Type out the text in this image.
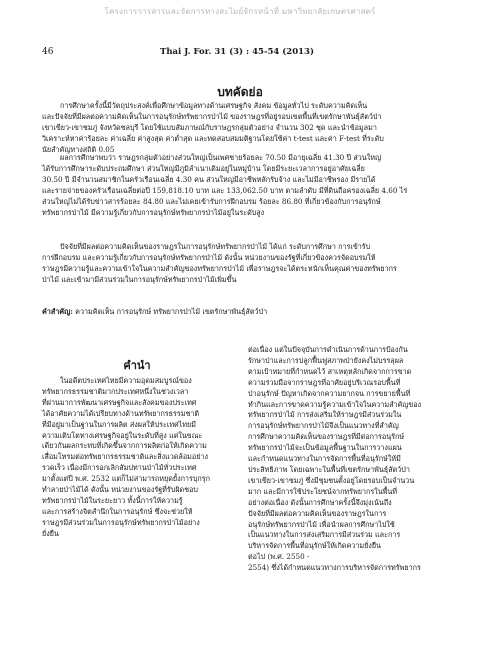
โครงการวารสารและจัดการทางสะไมย์จักรหน้าที่ มหาวิทยาลัยเกษตรศาสตร์
46	Thai J. For. 31 (3) : 45-54 (2013)
บทคัดย่อ

การศึกษาครั้งนี้มีวัตถุประสงค์เพื่อศึกษาข้อมูลทางด้านเศรษฐกิจ สังคม ข้อมูลทั่วไป ระดับความคิดเห็น
และปัจจัยที่มีผลต่อความคิดเห็นในการอนุรักษ์ทรัพยากรป่าไม้ ของราษฎรที่อยู่รอบเขตพื้นที่เขตรักษาพันธุ์สัตว์ป่า
เขาเขียว-เขาชมภู่ จังหวัดชลบุรี โดยใช้แบบสัมภาษณ์กับราษฎรกลุ่มตัวอย่าง จำนวน 302 ชุด และนำข้อมูลมา
วิเคราะห์หาค่าร้อยละ ค่าเฉลี่ย ค่าสูงสุด ค่าต่ำสุด และทดสอบสมมติฐานโดยใช้ค่า t-test และค่า F-test ที่ระดับ
นัยสำคัญทางสถิติ 0.05

ผลการศึกษาพบว่า ราษฎรกลุ่มตัวอย่างส่วนใหญ่เป็นเพศชายร้อยละ 70.50 มีอายุเฉลี่ย 41.30 ปี ส่วนใหญ่
ได้รับการศึกษาระดับประถมศึกษา ส่วนใหญ่มีภูมิลำเนาเดิมอยู่ในหมู่บ้าน โดยมีระยะเวลาการอยู่อาศัยเฉลี่ย
30.50 ปี มีจำนวนสมาชิกในครัวเรือนเฉลี่ย 4.30 คน ส่วนใหญ่มีอาชีพหลักรับจ้าง และไม่มีอาชีพรอง มีรายได้
และรายจ่ายของครัวเรือนเฉลี่ยต่อปี 159,818.10 บาท และ 133,062.50 บาท ตามลำดับ มีที่ดินถือครองเฉลี่ย 4.60 ไร่
ส่วนใหญ่ไม่ได้รับข่าวสารร้อยละ 84.80 และไม่เคยเข้ารับการฝึกอบรม ร้อยละ 86.80 ที่เกี่ยวข้องกับการอนุรักษ์
ทรัพยากรป่าไม้ มีความรู้เกี่ยวกับการอนุรักษ์ทรัพยากรป่าไม้อยู่ในระดับสูง

ปัจจัยที่มีผลต่อความคิดเห็นของราษฎรในการอนุรักษ์ทรัพยากรป่าไม้ ได้แก่ ระดับการศึกษา การเข้ารับ
การฝึกอบรม และความรู้เกี่ยวกับการอนุรักษ์ทรัพยากรป่าไม้ ดังนั้น หน่วยงานของรัฐที่เกี่ยวข้องควรจัดอบรมให้
ราษฎรมีความรู้และความเข้าใจในความสำคัญของทรัพยากรป่าไม้ เพื่อราษฎรจะได้ตระหนักเห็นคุณค่าของทรัพยากร
ป่าไม้ และเข้ามามีส่วนร่วมในการอนุรักษ์ทรัพยากรป่าไม้เพิ่มขึ้น

คำสำคัญ: ความคิดเห็น การอนุรักษ์ ทรัพยากรป่าไม้ เขตรักษาพันธุ์สัตว์ป่า
คำนำ

ในอดีตประเทศไทยมีความอุดมสมบูรณ์ของ
ทรัพยากรธรรมชาติมากประเทศหนึ่งในช่วงเวลา
ที่ผ่านมาการพัฒนาเศรษฐกิจและสังคมของประเทศ
ได้อาศัยความได้เปรียบทางด้านทรัพยากรธรรมชาติ
ที่มีอยู่มาเป็นฐานในการผลิต ส่งผลให้ประเทศไทยมี
ความเติบโตทางเศรษฐกิจอยู่ในระดับที่สูง แต่ในขณะ
เดียวกันผลกระทบที่เกิดขึ้นจากการผลิตก่อให้เกิดความ
เสื่อมโทรมต่อทรัพยากรธรรมชาติและสิ่งแวดล้อมอย่าง
รวดเร็ว เนื่องมีการอกเลิกสัมปทานป่าไม้ทั่วประเทศ
มาตั้งแต่ปี พ.ศ. 2532 แต่ก็ไม่สามารถหยุดยั้งการบุกรุก
ทำลายป่าไม้ได้ ดังนั้น หน่วยงานของรัฐที่รับผิดชอบ
ทรัพยากรป่าไม้ในระยะยาว ทั้งนี้การให้ความรู้
และการสร้างจิตสำนึกในการอนุรักษ์ ซึ่งจะช่วยให้
ราษฎรมีส่วนร่วมในการอนุรักษ์ทรัพยากรป่าไม้อย่าง
ยั่งยืน

ต่อเนื่อง แต่ในปัจจุบันการดำเนินการด้านการป้องกัน
รักษาป่าและการปลูกฟื้นฟูสภาพป่ายังคงไม่บรรลุผล
ตามเป้าหมายที่กำหนดไว้ สาเหตุหลักเกิดจากการขาด
ความร่วมมือจากราษฎรที่อาศัยอยู่บริเวณรอบพื้นที่
ป่าอนุรักษ์ ปัญหาเกิดจากความยากจน การขยายพื้นที่
ทำกินและการขาดความรู้ความเข้าใจในความสำคัญของ
ทรัพยากรป่าไม้ การส่งเสริมให้ราษฎรมีส่วนร่วมใน
การอนุรักษ์ทรัพยากรป่าไม้จึงเป็นแนวทางที่สำคัญ
การศึกษาความคิดเห็นของราษฎรที่มีต่อการอนุรักษ์
ทรัพยากรป่าไม้จะเป็นข้อมูลพื้นฐานในการวางแผน
และกำหนดแนวทางในการจัดการพื้นที่อนุรักษ์ให้มี
ประสิทธิภาพ โดยเฉพาะในพื้นที่เขตรักษาพันธุ์สัตว์ป่า
เขาเขียว-เขาชมภู่ ซึ่งมีชุมชนตั้งอยู่โดยรอบเป็นจำนวน
มาก และมีการใช้ประโยชน์จากทรัพยากรในพื้นที่
อย่างต่อเนื่อง ดังนั้นการศึกษาครั้งนี้จึงมุ่งเน้นถึง
ปัจจัยที่มีผลต่อความคิดเห็นของราษฎรในการ
อนุรักษ์ทรัพยากรป่าไม้ เพื่อนำผลการศึกษาไปใช้
เป็นแนวทางในการส่งเสริมการมีส่วนร่วม และการ
บริหารจัดการพื้นที่อนุรักษ์ให้เกิดความยั่งยืน
ต่อไป (พ.ศ. 2550 -
2554) ซึ่งได้กำหนดแนวทางการบริหารจัดการทรัพยากร
